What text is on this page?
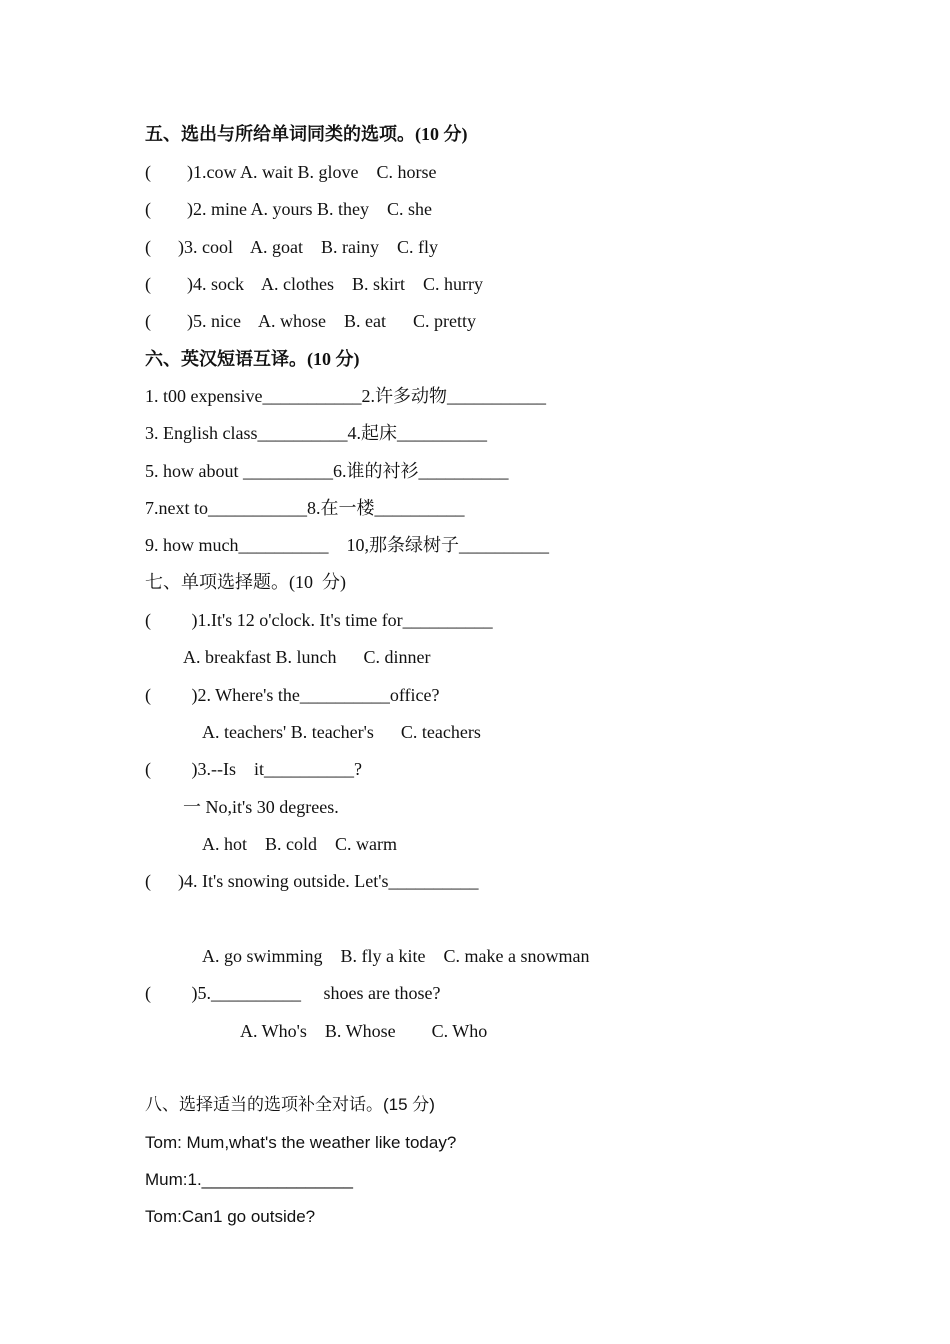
五、选出与所给单词同类的选项。(10 分)
(        )1.cow A. wait B. glove    C. horse
(        )2. mine A. yours B. they    C. she
(      )3. cool    A. goat    B. rainy    C. fly
(        )4. sock    A. clothes    B. skirt    C. hurry
(        )5. nice    A. whose    B. eat      C. pretty
六、英汉短语互译。(10 分)
1. t00 expensive___________2.许多动物___________
3. English class__________4.起床__________
5. how about __________6.谁的衬衫__________
7.next to___________8.在一楼__________
9. how much__________    10,那条绿树子__________
七、单项选择题。(10  分)
(         )1.It's 12 o'clock. It's time for__________
A. breakfast B. lunch      C. dinner
(         )2. Where's the__________office?
A. teachers' B. teacher's      C. teachers
(         )3.--Is    it__________?
一 No,it's 30 degrees.
A. hot    B. cold    C. warm
(      )4. It's snowing outside. Let's__________
A. go swimming    B. fly a kite    C. make a snowman
(         )5.__________     shoes are those?
A. Who's    B. Whose        C. Who
八、选择适当的选项补全对话。(15 分)
Tom: Mum,what's the weather like today?
Mum:1.________________
Tom:Can1 go outside?
